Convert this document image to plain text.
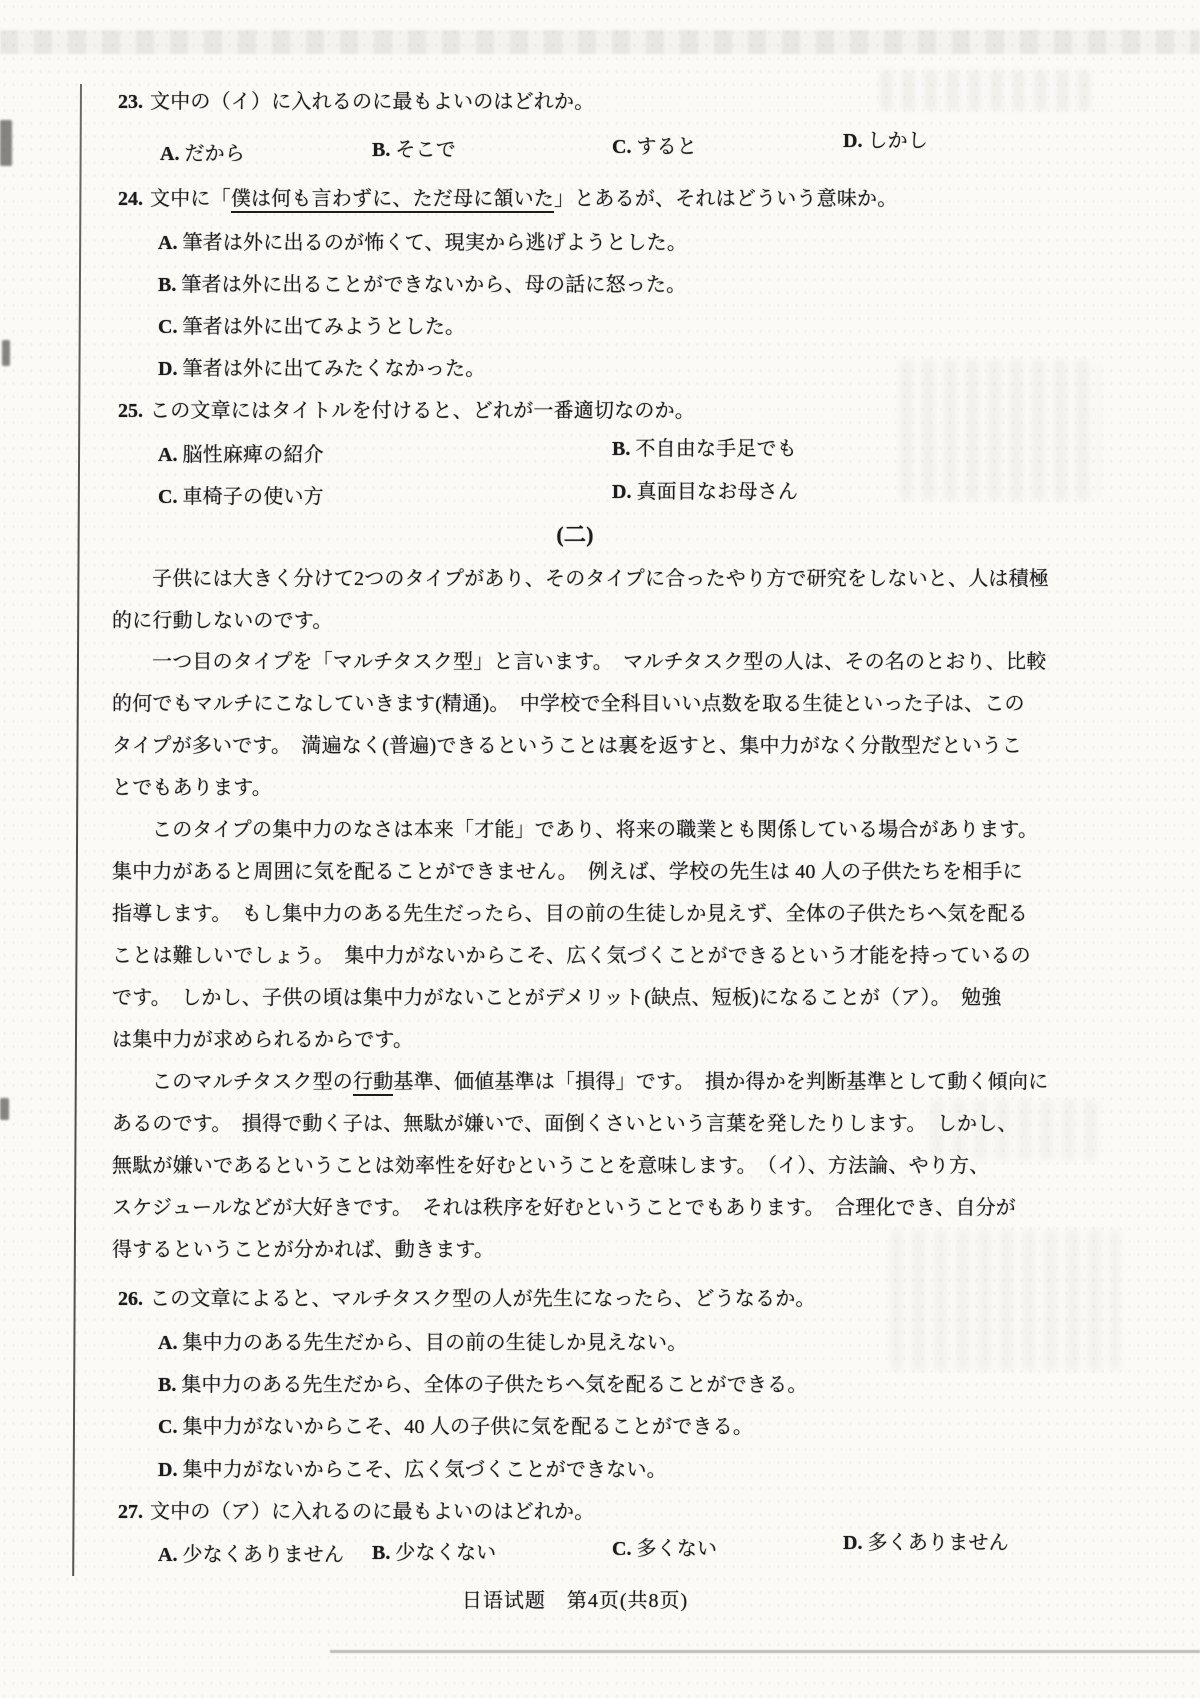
23. 文中の（イ）に入れるのに最もよいのはどれか。
A. だから	B. そこで	C. すると	D. しかし
24. 文中に「僕は何も言わずに、ただ母に頷いた」とあるが、それはどういう意味か。
A. 筆者は外に出るのが怖くて、現実から逃げようとした。
B. 筆者は外に出ることができないから、母の話に怒った。
C. 筆者は外に出てみようとした。
D. 筆者は外に出てみたくなかった。
25. この文章にはタイトルを付けると、どれが一番適切なのか。
A. 脳性麻痺の紹介	B. 不自由な手足でも
C. 車椅子の使い方	D. 真面目なお母さん
(二)
子供には大きく分けて2つのタイプがあり、そのタイプに合ったやり方で研究をしないと、人は積極
的に行動しないのです。
一つ目のタイプを「マルチタスク型」と言います。　マルチタスク型の人は、その名のとおり、比較
的何でもマルチにこなしていきます(精通)。　中学校で全科目いい点数を取る生徒といった子は、この
タイプが多いです。　満遍なく(普遍)できるということは裏を返すと、集中力がなく分散型だというこ
とでもあります。
このタイプの集中力のなさは本来「才能」であり、将来の職業とも関係している場合があります。
集中力があると周囲に気を配ることができません。　例えば、学校の先生は 40 人の子供たちを相手に
指導します。　もし集中力のある先生だったら、目の前の生徒しか見えず、全体の子供たちへ気を配る
ことは難しいでしょう。　集中力がないからこそ、広く気づくことができるという才能を持っているの
です。　しかし、子供の頃は集中力がないことがデメリット(缺点、短板)になることが（ア）。　勉強
は集中力が求められるからです。
このマルチタスク型の行動基準、価値基準は「損得」です。　損か得かを判断基準として動く傾向に
あるのです。　損得で動く子は、無駄が嫌いで、面倒くさいという言葉を発したりします。　しかし、
無駄が嫌いであるということは効率性を好むということを意味します。　（イ）、方法論、やり方、
スケジュールなどが大好きです。　それは秩序を好むということでもあります。　合理化でき、自分が
得するということが分かれば、動きます。
26. この文章によると、マルチタスク型の人が先生になったら、どうなるか。
A. 集中力のある先生だから、目の前の生徒しか見えない。
B. 集中力のある先生だから、全体の子供たちへ気を配ることができる。
C. 集中力がないからこそ、40 人の子供に気を配ることができる。
D. 集中力がないからこそ、広く気づくことができない。
27. 文中の（ア）に入れるのに最もよいのはどれか。
A. 少なくありません B. 少なくない	C. 多くない	D. 多くありません
日语试题　第4页(共8页)
